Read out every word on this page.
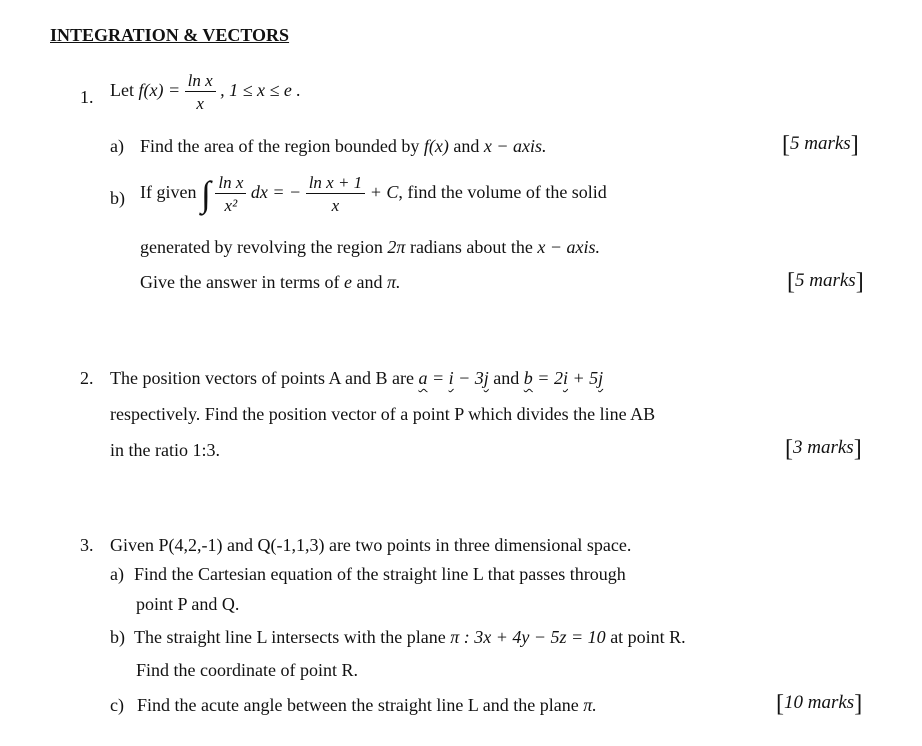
INTEGRATION & VECTORS
1. Let $f(x) = \frac{\text{ln x}}{x}$ , 1 ≤ x ≤ e .
a) Find the area of the region bounded by f(x) and x − axis.	[5 marks]
b) If given ∫ $\frac{\text{ln x}}{\text{x²}}$ dx = − $\frac{\text{ln x + 1}}{x} + C$, find the volume of the solid
generated by revolving the region 2π radians about the x − axis.
Give the answer in terms of e and π.	[5 marks]
2. The position vectors of points A and B are a = i − 3j and b = 2i + 5j
respectively. Find the position vector of a point P which divides the line AB
in the ratio 1:3.	[3 marks]
3. Given P(4,2,-1) and Q(-1,1,3) are two points in three dimensional space.
a) Find the Cartesian equation of the straight line L that passes through
point P and Q.
b) The straight line L intersects with the plane π : 3x + 4y − 5z = 10 at point R.
Find the coordinate of point R.
c) Find the acute angle between the straight line L and the plane π.	[10 marks]
